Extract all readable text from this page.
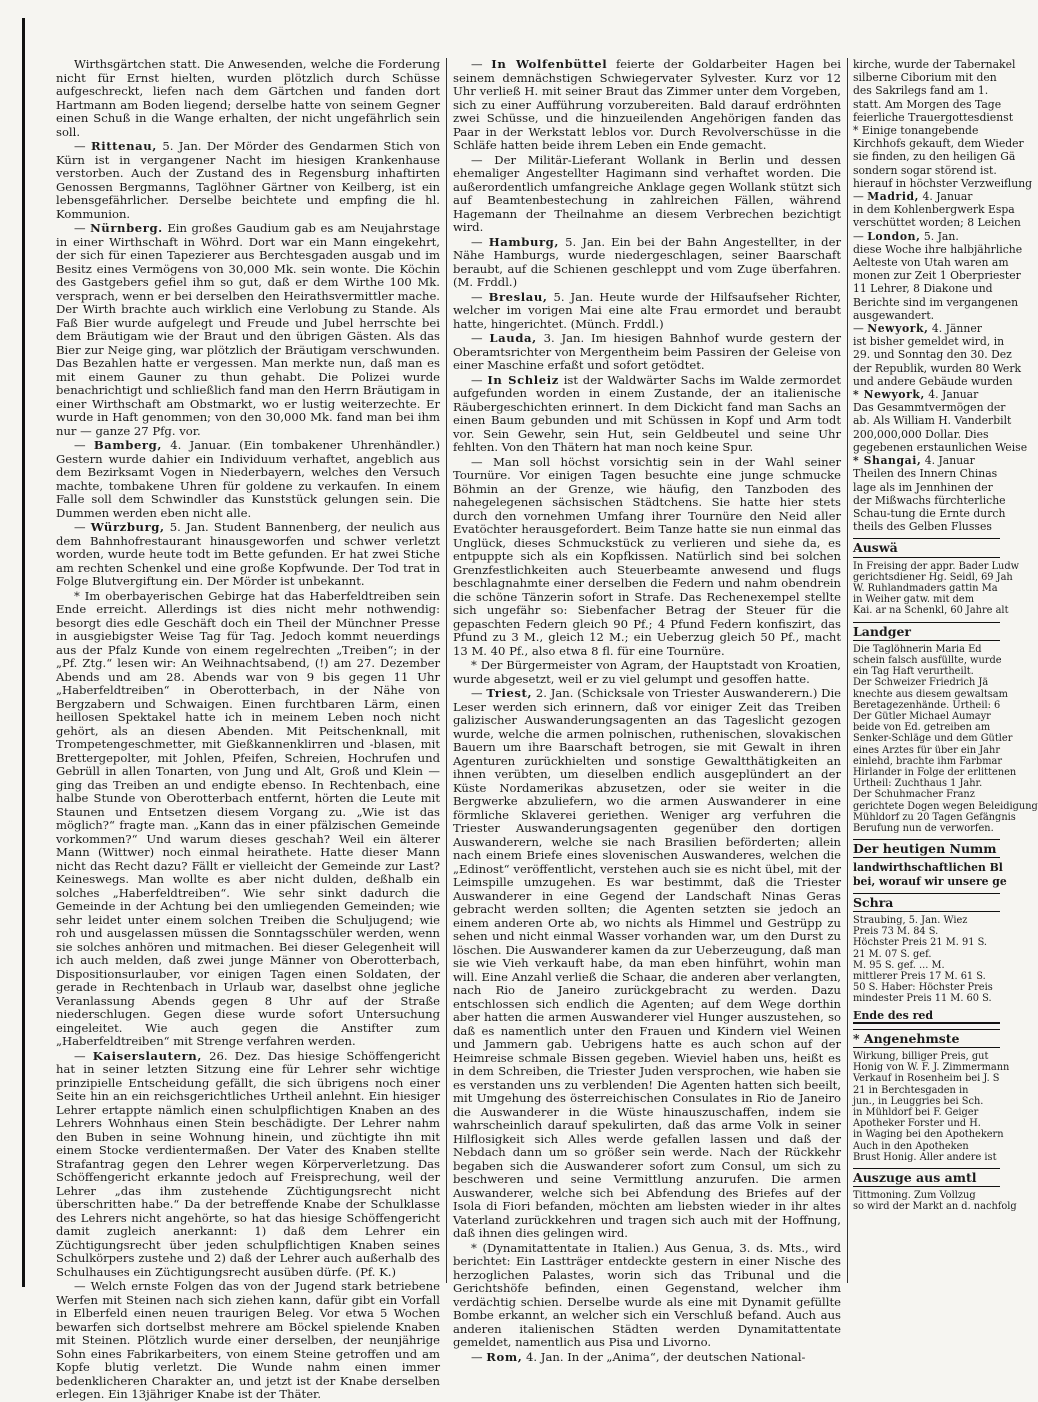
Wirthsgärtchen statt. Die Anwesenden, welche die Forderung nicht für Ernst hielten, wurden plötzlich durch Schüsse aufgeschreckt, liefen nach dem Gärtchen und fanden dort Hartmann am Boden liegend; derselbe hatte von seinem Gegner einen Schuß in die Wange erhalten, der nicht ungefährlich sein soll.

— Rittenau, 5. Jan. Der Mörder des Gendarmen Stich von Kürn ist in vergangener Nacht im hiesigen Krankenhause verstorben. Auch der Zustand des in Regensburg inhaftirten Genossen Bergmanns, Taglöhner Gärtner von Keilberg, ist ein lebensgefährlicher. Derselbe beichtete und empfing die hl. Kommunion.

— Nürnberg. Ein großes Gaudium gab es am Neujahrstage in einer Wirthschaft in Wöhrd. Dort war ein Mann eingekehrt, der sich für einen Tapezierer aus Berchtesgaden ausgab und im Besitz eines Vermögens von 30,000 Mk. sein wonte. Die Köchin des Gastgebers gefiel ihm so gut, daß er dem Wirthe 100 Mk. versprach, wenn er bei derselben den Heirathsvermittler mache. Der Wirth brachte auch wirklich eine Verlobung zu Stande. Als Faß Bier wurde aufgelegt und Freude und Jubel herrschte bei dem Bräutigam wie der Braut und den übrigen Gästen. Als das Bier zur Neige ging, war plötzlich der Bräutigam verschwunden. Das Bezahlen hatte er vergessen. Man merkte nun, daß man es mit einem Gauner zu thun gehabt. Die Polizei wurde benachrichtigt und schließlich fand man den Herrn Bräutigam in einer Wirthschaft am Obstmarkt, wo er lustig weiterzechte. Er wurde in Haft genommen; von den 30,000 Mk. fand man bei ihm nur — ganze 27 Pfg. vor.

— Bamberg, 4. Januar. (Ein tombakener Uhrenhändler.) Gestern wurde dahier ein Individuum verhaftet, angeblich aus dem Bezirksamt Vogen in Niederbayern, welches den Versuch machte, tombakene Uhren für goldene zu verkaufen. In einem Falle soll dem Schwindler das Kunststück gelungen sein. Die Dummen werden eben nicht alle.

— Würzburg, 5. Jan. Student Bannenberg, der neulich aus dem Bahnhofrestaurant hinausgeworfen und schwer verletzt worden, wurde heute todt im Bette gefunden. Er hat zwei Stiche am rechten Schenkel und eine große Kopfwunde. Der Tod trat in Folge Blutvergiftung ein. Der Mörder ist unbekannt.

* Im oberbayerischen Gebirge hat das Haberfeldtreiben sein Ende erreicht. Allerdings ist dies nicht mehr nothwendig: besorgt dies edle Geschäft doch ein Theil der Münchner Presse in ausgiebigster Weise Tag für Tag. Jedoch kommt neuerdings aus der Pfalz Kunde von einem regelrechten „Treiben“; in der „Pf. Ztg.“ lesen wir: An Weihnachtsabend, (!) am 27. Dezember Abends und am 28. Abends war von 9 bis gegen 11 Uhr „Haberfeldtreiben“ in Oberotterbach, in der Nähe von Bergzabern und Schwaigen. Einen furchtbaren Lärm, einen heillosen Spektakel hatte ich in meinem Leben noch nicht gehört, als an diesen Abenden. Mit Peitschenknall, mit Trompetengeschmetter, mit Gießkannenklirren und -blasen, mit Brettergepolter, mit Johlen, Pfeifen, Schreien, Hochrufen und Gebrüll in allen Tonarten, von Jung und Alt, Groß und Klein — ging das Treiben an und endigte ebenso. In Rechtenbach, eine halbe Stunde von Oberotterbach entfernt, hörten die Leute mit Staunen und Entsetzen diesem Vorgang zu. „Wie ist das möglich?“ fragte man. „Kann das in einer pfälzischen Gemeinde vorkommen?“ Und warum dieses geschah? Weil ein älterer Mann (Wittwer) noch einmal heirathete. Hatte dieser Mann nicht das Recht dazu? Fällt er vielleicht der Gemeinde zur Last? Keineswegs. Man wollte es aber nicht dulden, deßhalb ein solches „Haberfeldtreiben“. Wie sehr sinkt dadurch die Gemeinde in der Achtung bei den umliegenden Gemeinden; wie sehr leidet unter einem solchen Treiben die Schuljugend; wie roh und ausgelassen müssen die Sonntagsschüler werden, wenn sie solches anhören und mitmachen. Bei dieser Gelegenheit will ich auch melden, daß zwei junge Männer von Oberotterbach, Dispositionsurlauber, vor einigen Tagen einen Soldaten, der gerade in Rechtenbach in Urlaub war, daselbst ohne jegliche Veranlassung Abends gegen 8 Uhr auf der Straße niederschlugen. Gegen diese wurde sofort Untersuchung eingeleitet. Wie auch gegen die Anstifter zum „Haberfeldtreiben“ mit Strenge verfahren werden.

— Kaiserslautern, 26. Dez. Das hiesige Schöffengericht hat in seiner letzten Sitzung eine für Lehrer sehr wichtige prinzipielle Entscheidung gefällt, die sich übrigens noch einer Seite hin an ein reichsgerichtliches Urtheil anlehnt. Ein hiesiger Lehrer ertappte nämlich einen schulpflichtigen Knaben an des Lehrers Wohnhaus einen Stein beschädigte. Der Lehrer nahm den Buben in seine Wohnung hinein, und züchtigte ihn mit einem Stocke verdientermaßen. Der Vater des Knaben stellte Strafantrag gegen den Lehrer wegen Körperverletzung. Das Schöffengericht erkannte jedoch auf Freisprechung, weil der Lehrer „das ihm zustehende Züchtigungsrecht nicht überschritten habe.“ Da der betreffende Knabe der Schulklasse des Lehrers nicht angehörte, so hat das hiesige Schöffengericht damit zugleich anerkannt: 1) daß dem Lehrer ein Züchtigungsrecht über jeden schulpflichtigen Knaben seines Schulkörpers zustehe und 2) daß der Lehrer auch außerhalb des Schulhauses ein Züchtigungsrecht ausüben dürfe. (Pf. K.)

— Welch ernste Folgen das von der Jugend stark betriebene Werfen mit Steinen nach sich ziehen kann, dafür gibt ein Vorfall in Elberfeld einen neuen traurigen Beleg. Vor etwa 5 Wochen bewarfen sich dortselbst mehrere am Böckel spielende Knaben mit Steinen. Plötzlich wurde einer derselben, der neunjährige Sohn eines Fabrikarbeiters, von einem Steine getroffen und am Kopfe blutig verletzt. Die Wunde nahm einen immer bedenklicheren Charakter an, und jetzt ist der Knabe derselben erlegen. Ein 13jähriger Knabe ist der Thäter.

— In Wolfenbüttel feierte der Goldarbeiter Hagen bei seinem demnächstigen Schwiegervater Sylvester. Kurz vor 12 Uhr verließ H. mit seiner Braut das Zimmer unter dem Vorgeben, sich zu einer Aufführung vorzubereiten. Bald darauf erdröhnten zwei Schüsse, und die hinzueilenden Angehörigen fanden das Paar in der Werkstatt leblos vor. Durch Revolverschüsse in die Schläfe hatten beide ihrem Leben ein Ende gemacht.

— Der Militär-Lieferant Wollank in Berlin und dessen ehemaliger Angestellter Hagimann sind verhaftet worden. Die außerordentlich umfangreiche Anklage gegen Wollank stützt sich auf Beamtenbestechung in zahlreichen Fällen, während Hagemann der Theilnahme an diesem Verbrechen bezichtigt wird.

— Hamburg, 5. Jan. Ein bei der Bahn Angestellter, in der Nähe Hamburgs, wurde niedergeschlagen, seiner Baarschaft beraubt, auf die Schienen geschleppt und vom Zuge überfahren. (M. Frddl.)

— Breslau, 5. Jan. Heute wurde der Hilfsaufseher Richter, welcher im vorigen Mai eine alte Frau ermordet und beraubt hatte, hingerichtet. (Münch. Frddl.)

— Lauda, 3. Jan. Im hiesigen Bahnhof wurde gestern der Oberamtsrichter von Mergentheim beim Passiren der Geleise von einer Maschine erfaßt und sofort getödtet.

— In Schleiz ist der Waldwärter Sachs im Walde zermordet aufgefunden worden in einem Zustande, der an italienische Räubergeschichten erinnert. In dem Dickicht fand man Sachs an einen Baum gebunden und mit Schüssen in Kopf und Arm todt vor. Sein Gewehr, sein Hut, sein Geldbeutel und seine Uhr fehlten. Von den Thätern hat man noch keine Spur.

— Man soll höchst vorsichtig sein in der Wahl seiner Tournüre. Vor einigen Tagen besuchte eine junge schmucke Böhmin an der Grenze, wie häufig, den Tanzboden des nahegelegenen sächsischen Städtchens. Sie hatte hier stets durch den vornehmen Umfang ihrer Tournüre den Neid aller Evatöchter herausgefordert. Beim Tanze hatte sie nun einmal das Unglück, dieses Schmuckstück zu verlieren und siehe da, es entpuppte sich als ein Kopfkissen. Natürlich sind bei solchen Grenzfestlichkeiten auch Steuerbeamte anwesend und flugs beschlagnahmte einer derselben die Federn und nahm obendrein die schöne Tänzerin sofort in Strafe. Das Rechenexempel stellte sich ungefähr so: Siebenfacher Betrag der Steuer für die gepaschten Federn gleich 90 Pf.; 4 Pfund Federn konfiszirt, das Pfund zu 3 M., gleich 12 M.; ein Ueberzug gleich 50 Pf., macht 13 M. 40 Pf., also etwa 8 fl. für eine Tournüre.

* Der Bürgermeister von Agram, der Hauptstadt von Kroatien, wurde abgesetzt, weil er zu viel gelumpt und gesoffen hatte.

— Triest, 2. Jan. (Schicksale von Triester Auswanderern.) Die Leser werden sich erinnern, daß vor einiger Zeit das Treiben galizischer Auswanderungsagenten an das Tageslicht gezogen wurde, welche die armen polnischen, ruthenischen, slovakischen Bauern um ihre Baarschaft betrogen, sie mit Gewalt in ihren Agenturen zurückhielten und sonstige Gewaltthätigkeiten an ihnen verübten, um dieselben endlich ausgeplündert an der Küste Nordamerikas abzusetzen, oder sie weiter in die Bergwerke abzuliefern, wo die armen Auswanderer in eine förmliche Sklaverei geriethen. Weniger arg verfuhren die Triester Auswanderungsagenten gegenüber den dortigen Auswanderern, welche sie nach Brasilien beförderten; allein nach einem Briefe eines slovenischen Auswanderes, welchen die „Edinost“ veröffentlicht, verstehen auch sie es nicht übel, mit der Leimspille umzugehen. Es war bestimmt, daß die Triester Auswanderer in eine Gegend der Landschaft Ninas Geras gebracht werden sollten; die Agenten setzten sie jedoch an einem anderen Orte ab, wo nichts als Himmel und Gestrüpp zu sehen und nicht einmal Wasser vorhanden war, um den Durst zu löschen. Die Auswanderer kamen da zur Ueberzeugung, daß man sie wie Vieh verkauft habe, da man eben hinführt, wohin man will. Eine Anzahl verließ die Schaar, die anderen aber verlangten, nach Rio de Janeiro zurückgebracht zu werden. Dazu entschlossen sich endlich die Agenten; auf dem Wege dorthin aber hatten die armen Auswanderer viel Hunger auszustehen, so daß es namentlich unter den Frauen und Kindern viel Weinen und Jammern gab. Uebrigens hatte es auch schon auf der Heimreise schmale Bissen gegeben. Wieviel haben uns, heißt es in dem Schreiben, die Triester Juden versprochen, wie haben sie es verstanden uns zu verblenden! Die Agenten hatten sich beeilt, mit Umgehung des österreichischen Consulates in Rio de Janeiro die Auswanderer in die Wüste hinauszuschaffen, indem sie wahrscheinlich darauf spekulirten, daß das arme Volk in seiner Hilflosigkeit sich Alles werde gefallen lassen und daß der Nebdach dann um so größer sein werde. Nach der Rückkehr begaben sich die Auswanderer sofort zum Consul, um sich zu beschweren und seine Vermittlung anzurufen. Die armen Auswanderer, welche sich bei Abfendung des Briefes auf der Isola di Fiori befanden, möchten am liebsten wieder in ihr altes Vaterland zurückkehren und tragen sich auch mit der Hoffnung, daß ihnen dies gelingen wird.

* (Dynamitattentate in Italien.) Aus Genua, 3. ds. Mts., wird berichtet: Ein Lastträger entdeckte gestern in einer Nische des herzoglichen Palastes, worin sich das Tribunal und die Gerichtshöfe befinden, einen Gegenstand, welcher ihm verdächtig schien. Derselbe wurde als eine mit Dynamit gefüllte Bombe erkannt, an welcher sich ein Verschluß befand. Auch aus anderen italienischen Städten werden Dynamitattentate gemeldet, namentlich aus Pisa und Livorno.

— Rom, 4. Jan. In der „Anima“, der deutschen National-

kirche, wurde der Tabernakel
silberne Ciborium mit den
des Sakrilegs fand am 1.
statt. Am Morgen des Tage
feierliche Trauergottesdienst
* Einige tonangebende
Kirchhofs gekauft, dem Wieder
sie finden, zu den heiligen Gä
sondern sogar störend ist.
hierauf in höchster Verzweiflung
— Madrid, 4. Januar
in dem Kohlenbergwerk Espa
verschüttet worden; 8 Leichen
— London, 5. Jan.
diese Woche ihre halbjährliche
Aelteste von Utah waren am
monen zur Zeit 1 Oberpriester
11 Lehrer, 8 Diakone und
Berichte sind im vergangenen
ausgewandert.
— Newyork, 4. Jänner
ist bisher gemeldet wird, in
29. und Sonntag den 30. Dez
der Republik, wurden 80 Werk
und andere Gebäude wurden
* Newyork, 4. Januar
Das Gesammtvermögen der
ab. Als William H. Vanderbilt
200,000,000 Dollar. Dies
gegebenen erstaunlichen Weise
* Shangai, 4. Januar
Theilen des Innern Chinas
lage als im Jennhinen der
der Mißwachs fürchterliche
Schau-tung die Ernte durch
theils des Gelben Flusses
Auswä
In Freising der appr. Bader Ludw
gerichtsdiener Hg. Seidl, 69 Jah
W. Ruhlandmaders gattin Ma
in Weiher gatw. mit dem
Kai. ar na Schenkl, 60 Jahre alt
Landger
Die Taglöhnerin Maria Ed
schein falsch ausfüllte, wurde
ein Tag Haft verurtheilt.
Der Schweizer Friedrich Jä
knechte aus diesem gewaltsam
Beretagezenhände. Urtheil: 6
Der Gütler Michael Aumayr
beide von Ed. getreiben am
Senker-Schläge und dem Gütler
eines Arztes für über ein Jahr
einlehd, brachte ihm Farbmar
Hirlander in Folge der erlittenen
Urtheil: Zuchthaus 1 Jahr.
Der Schuhmacher Franz
gerichtete Dogen wegen Beleidigung
Mühldorf zu 20 Tagen Gefängnis
Berufung nun de verworfen.
Der heutigen Numm
landwirthschaftlichen Bl
bei, worauf wir unsere ge
Schra
Straubing, 5. Jan. Wiez
Preis 73 M. 84 S.
Höchster Preis 21 M. 91 S.
21 M. 07 S. gef.
M. 95 S. gef. ... M.
mittlerer Preis 17 M. 61 S.
50 S. Haber: Höchster Preis
mindester Preis 11 M. 60 S.
Ende des red
* Angenehmste
Wirkung, billiger Preis, gut
Honig von W. F. J. Zimmermann
Verkauf in Rosenheim bei J. S
21 in Berchtesgaden in
jun., in Leuggries bei Sch.
in Mühldorf bei F. Geiger
Apotheker Forster und H.
in Waging bei den Apothekern
Auch in den Apotheken
Brust Honig. Aller andere ist
Auszuge aus amtl
Tittmoning. Zum Vollzug
so wird der Markt an d. nachfolg
